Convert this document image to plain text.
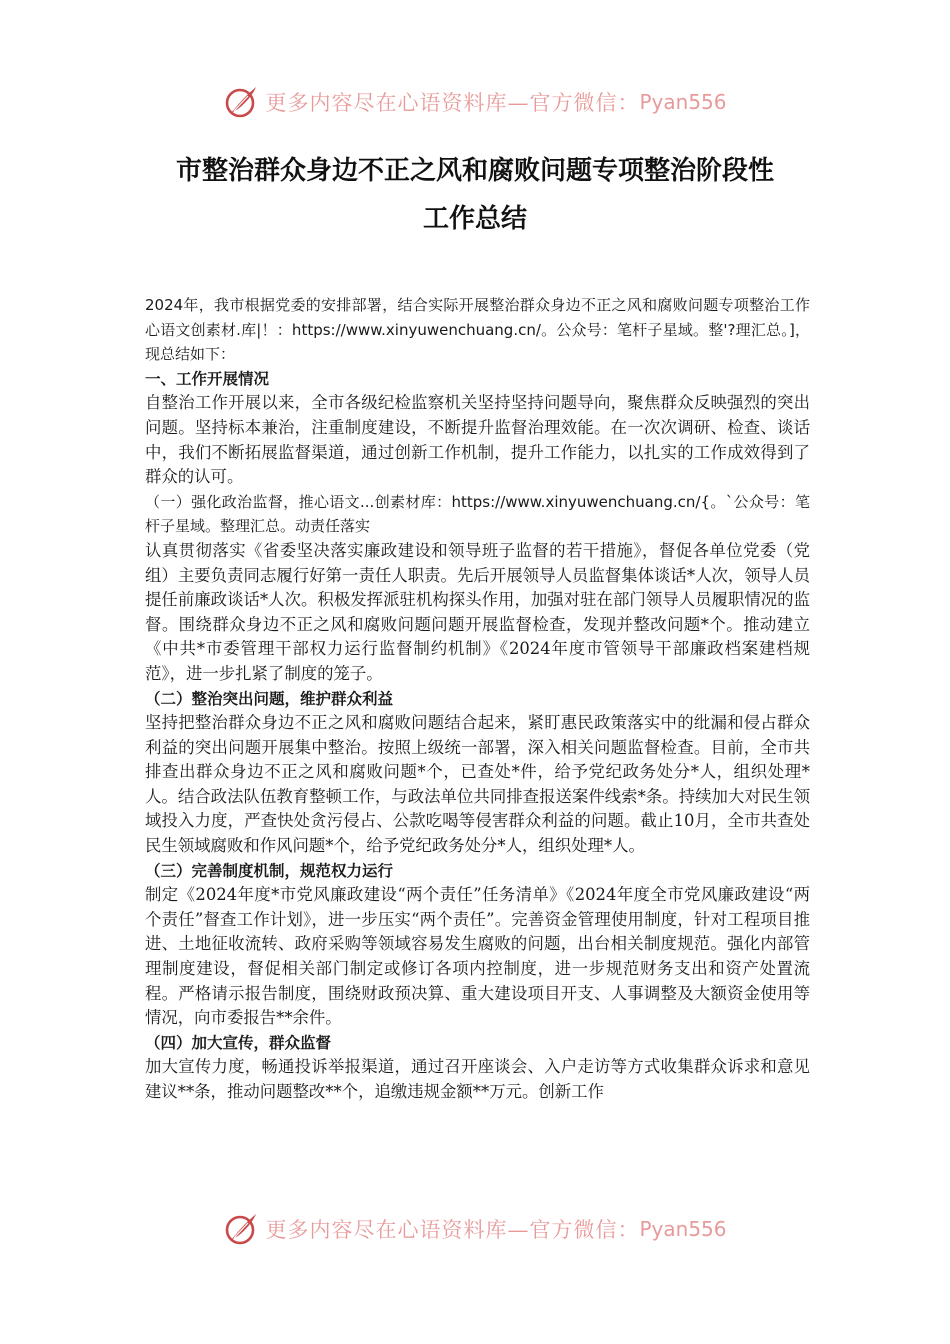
更多内容尽在心语资料库—官方微信： Pyan556
市整治群众身边不正之风和腐败问题专项整治阶段性
工作总结

2024年，我市根据党委的安排部署，结合实际开展整治群众身边不正之风和腐败问题专项整治工作心语文创素材.库|！：https://www.xinyuwenchuang.cn/。公众号：笔杆子星域。整'?理汇总。]，现总结如下：

一、工作开展情况

自整治工作开展以来，全市各级纪检监察机关坚持坚持问题导向，聚焦群众反映强烈的突出问题。坚持标本兼治，注重制度建设，不断提升监督治理效能。在一次次调研、检查、谈话中，我们不断拓展监督渠道，通过创新工作机制，提升工作能力，以扎实的工作成效得到了群众的认可。

（一）强化政治监督，推心语文...创素材库：https://www.xinyuwenchuang.cn/{。`公众号：笔杆子星域。整理汇总。动责任落实

认真贯彻落实《省委坚决落实廉政建设和领导班子监督的若干措施》，督促各单位党委（党组）主要负责同志履行好第一责任人职责。先后开展领导人员监督集体谈话*人次，领导人员提任前廉政谈话*人次。积极发挥派驻机构探头作用，加强对驻在部门领导人员履职情况的监督。围绕群众身边不正之风和腐败问题问题开展监督检查，发现并整改问题*个。推动建立《中共*市委管理干部权力运行监督制约机制》《2024年度市管领导干部廉政档案建档规范》，进一步扎紧了制度的笼子。

（二）整治突出问题，维护群众利益

坚持把整治群众身边不正之风和腐败问题结合起来，紧盯惠民政策落实中的纰漏和侵占群众利益的突出问题开展集中整治。按照上级统一部署，深入相关问题监督检查。目前，全市共排查出群众身边不正之风和腐败问题*个，已查处*件，给予党纪政务处分*人，组织处理*人。结合政法队伍教育整顿工作，与政法单位共同排查报送案件线索*条。持续加大对民生领域投入力度，严查快处贪污侵占、公款吃喝等侵害群众利益的问题。截止10月，全市共查处民生领域腐败和作风问题*个，给予党纪政务处分*人，组织处理*人。

（三）完善制度机制，规范权力运行

制定《2024年度*市党风廉政建设“两个责任”任务清单》《2024年度全市党风廉政建设“两个责任”督查工作计划》，进一步压实“两个责任”。完善资金管理使用制度，针对工程项目推进、土地征收流转、政府采购等领域容易发生腐败的问题，出台相关制度规范。强化内部管理制度建设，督促相关部门制定或修订各项内控制度，进一步规范财务支出和资产处置流程。严格请示报告制度，围绕财政预决算、重大建设项目开支、人事调整及大额资金使用等情况，向市委报告**余件。

（四）加大宣传，群众监督

加大宣传力度，畅通投诉举报渠道，通过召开座谈会、入户走访等方式收集群众诉求和意见建议**条，推动问题整改**个，追缴违规金额**万元。创新工作

更多内容尽在心语资料库—官方微信： Pyan556
